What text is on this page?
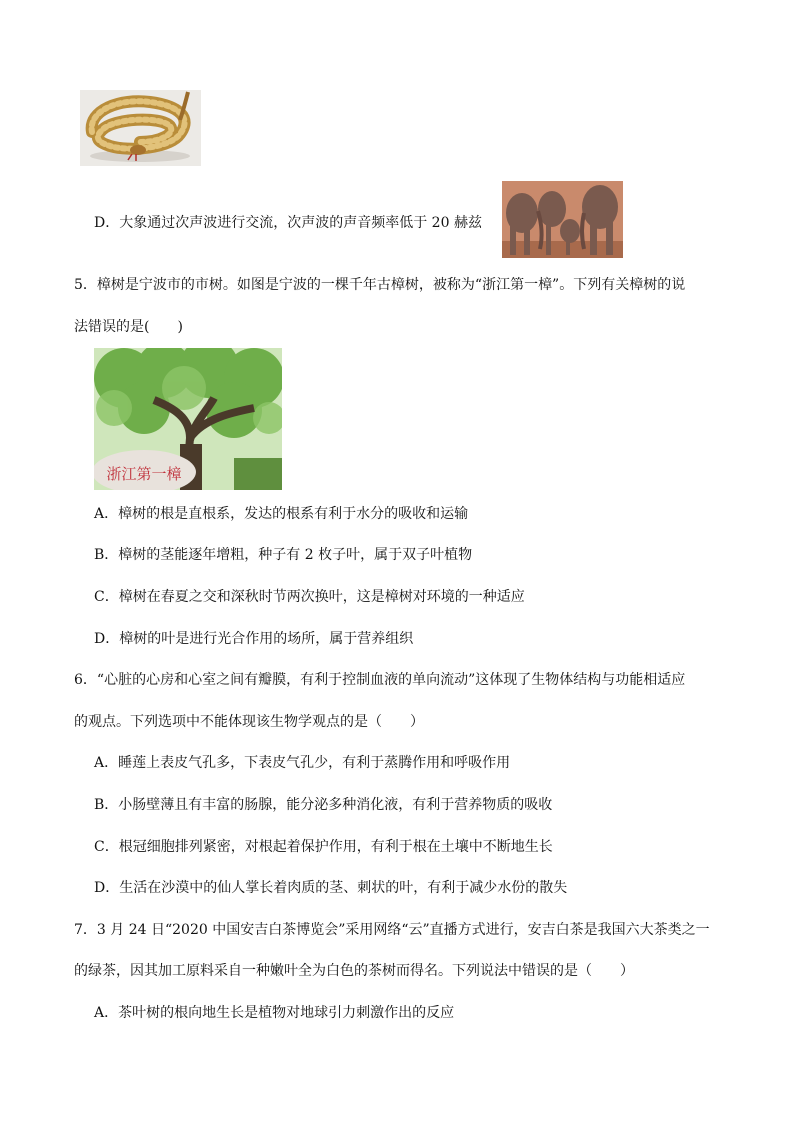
D．大象通过次声波进行交流，次声波的声音频率低于 20 赫兹
5．樟树是宁波市的市树。如图是宁波的一棵千年古樟树，被称为“浙江第一樟”。下列有关樟树的说
法错误的是(　　)
浙江第一樟
A．樟树的根是直根系，发达的根系有利于水分的吸收和运输
B．樟树的茎能逐年增粗，种子有 2 枚子叶，属于双子叶植物
C．樟树在春夏之交和深秋时节两次换叶，这是樟树对环境的一种适应
D．樟树的叶是进行光合作用的场所，属于营养组织
6．“心脏的心房和心室之间有瓣膜，有利于控制血液的单向流动”这体现了生物体结构与功能相适应
的观点。下列选项中不能体现该生物学观点的是（　　）
A．睡莲上表皮气孔多，下表皮气孔少，有利于蒸腾作用和呼吸作用
B．小肠壁薄且有丰富的肠腺，能分泌多种消化液，有利于营养物质的吸收
C．根冠细胞排列紧密，对根起着保护作用，有利于根在土壤中不断地生长
D．生活在沙漠中的仙人掌长着肉质的茎、刺状的叶，有利于减少水份的散失
7．3 月 24 日“2020 中国安吉白茶博览会”采用网络“云”直播方式进行，安吉白茶是我国六大茶类之一
的绿茶，因其加工原料采自一种嫩叶全为白色的茶树而得名。下列说法中错误的是（　　）
A．茶叶树的根向地生长是植物对地球引力刺激作出的反应
